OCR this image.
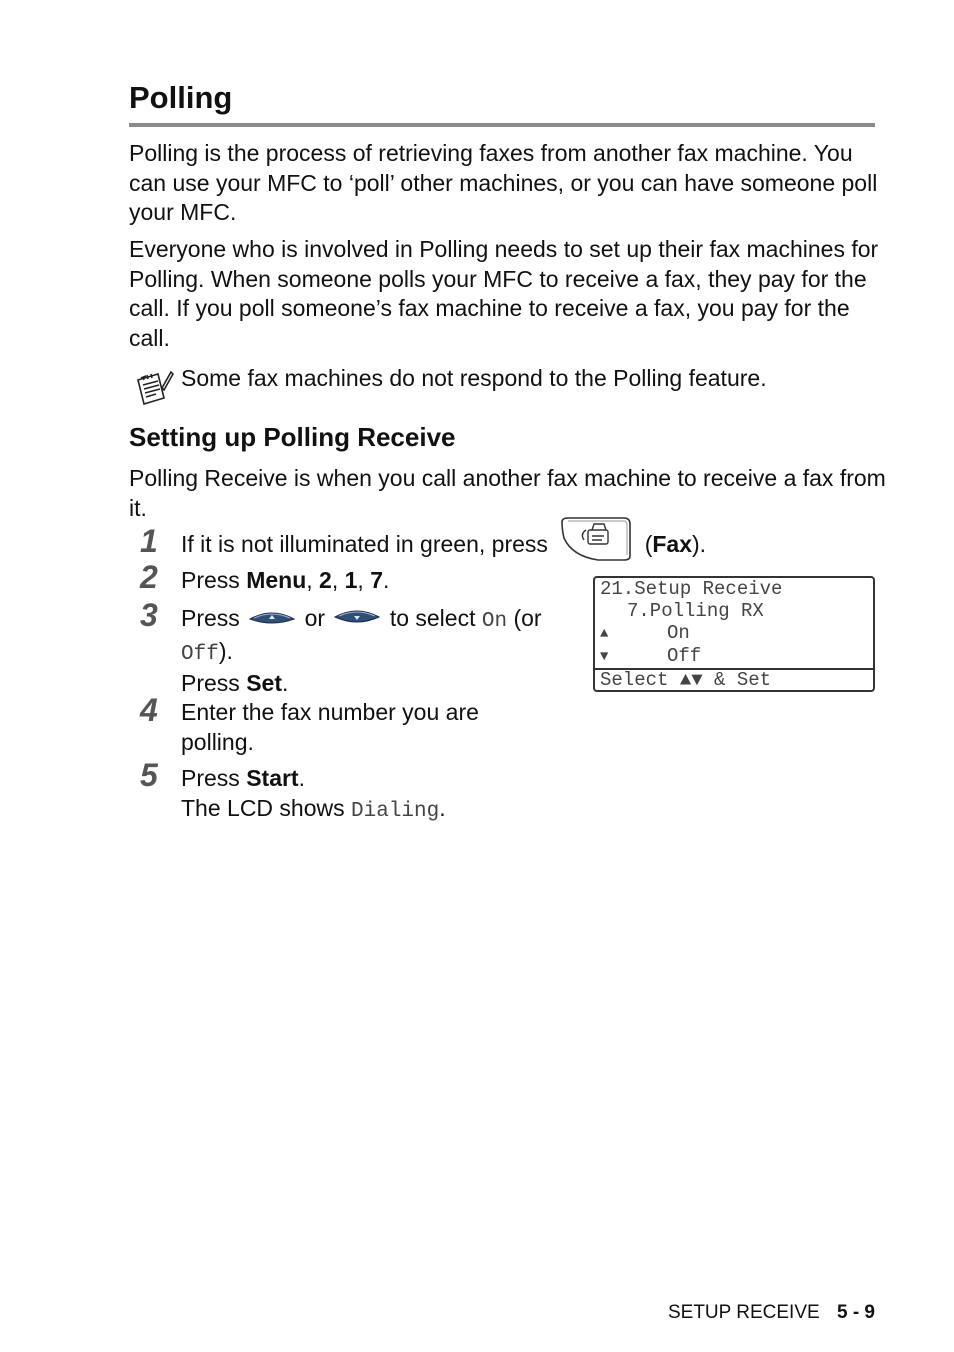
Polling

Polling is the process of retrieving faxes from another fax machine. You can use your MFC to ‘poll’ other machines, or you can have someone poll your MFC.

Everyone who is involved in Polling needs to set up their fax machines for Polling. When someone polls your MFC to receive a fax, they pay for the call. If you poll someone’s fax machine to receive a fax, you pay for the call.

Some fax machines do not respond to the Polling feature.

Setting up Polling Receive

Polling Receive is when you call another fax machine to receive a fax from it.

1 If it is not illuminated in green, press	(Fax).

2 Press Menu, 2, 1, 7.

3 Press	or	to select On (or
Off).
Press Set.

4 Enter the fax number you are polling.

5 Press Start.
The LCD shows Dialing.

21.Setup Receive
7.Polling RX
▲	On
▼	Off
Select ▲▼ & Set

SETUP RECEIVE 5 - 9
